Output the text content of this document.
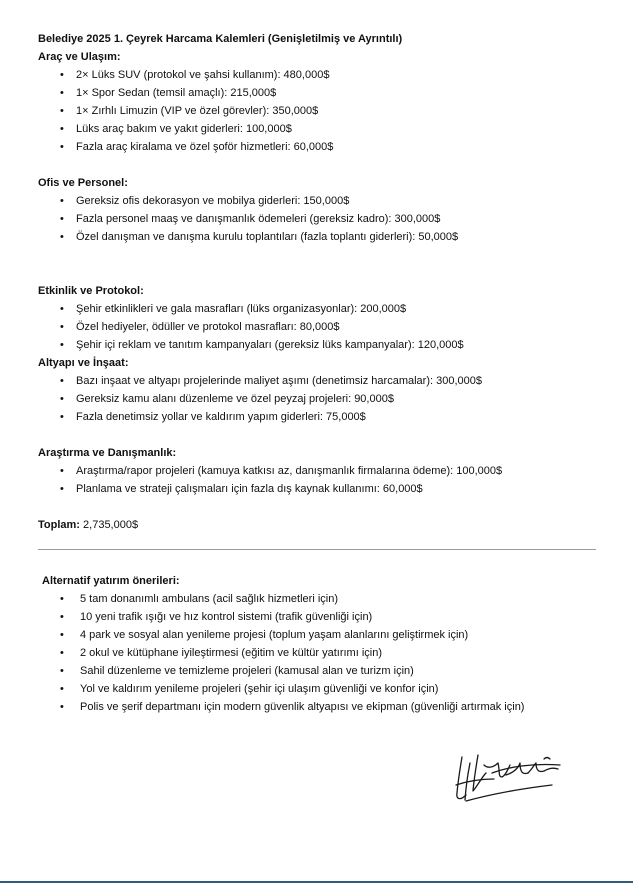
Belediye 2025 1. Çeyrek Harcama Kalemleri (Genişletilmiş ve Ayrıntılı)

Araç ve Ulaşım:

• 2× Lüks SUV (protokol ve şahsi kullanım): 480,000$
• 1× Spor Sedan (temsil amaçlı): 215,000$
• 1× Zırhlı Limuzin (VIP ve özel görevler): 350,000$
• Lüks araç bakım ve yakıt giderleri: 100,000$
• Fazla araç kiralama ve özel şoför hizmetleri: 60,000$

Ofis ve Personel:

• Gereksiz ofis dekorasyon ve mobilya giderleri: 150,000$
• Fazla personel maaş ve danışmanlık ödemeleri (gereksiz kadro): 300,000$
• Özel danışman ve danışma kurulu toplantıları (fazla toplantı giderleri): 50,000$

Etkinlik ve Protokol:

• Şehir etkinlikleri ve gala masrafları (lüks organizasyonlar): 200,000$
• Özel hediyeler, ödüller ve protokol masrafları: 80,000$
• Şehir içi reklam ve tanıtım kampanyaları (gereksiz lüks kampanyalar): 120,000$

Altyapı ve İnşaat:

• Bazı inşaat ve altyapı projelerinde maliyet aşımı (denetimsiz harcamalar): 300,000$
• Gereksiz kamu alanı düzenleme ve özel peyzaj projeleri: 90,000$
• Fazla denetimsiz yollar ve kaldırım yapım giderleri: 75,000$

Araştırma ve Danışmanlık:

• Araştırma/rapor projeleri (kamuya katkısı az, danışmanlık firmalarına ödeme): 100,000$
• Planlama ve strateji çalışmaları için fazla dış kaynak kullanımı: 60,000$

Toplam: 2,735,000$

Alternatif yatırım önerileri:

• 5 tam donanımlı ambulans (acil sağlık hizmetleri için)
• 10 yeni trafik ışığı ve hız kontrol sistemi (trafik güvenliği için)
• 4 park ve sosyal alan yenileme projesi (toplum yaşam alanlarını geliştirmek için)
• 2 okul ve kütüphane iyileştirmesi (eğitim ve kültür yatırımı için)
• Sahil düzenleme ve temizleme projeleri (kamusal alan ve turizm için)
• Yol ve kaldırım yenileme projeleri (şehir içi ulaşım güvenliği ve konfor için)
• Polis ve şerif departmanı için modern güvenlik altyapısı ve ekipman (güvenliği artırmak için)
